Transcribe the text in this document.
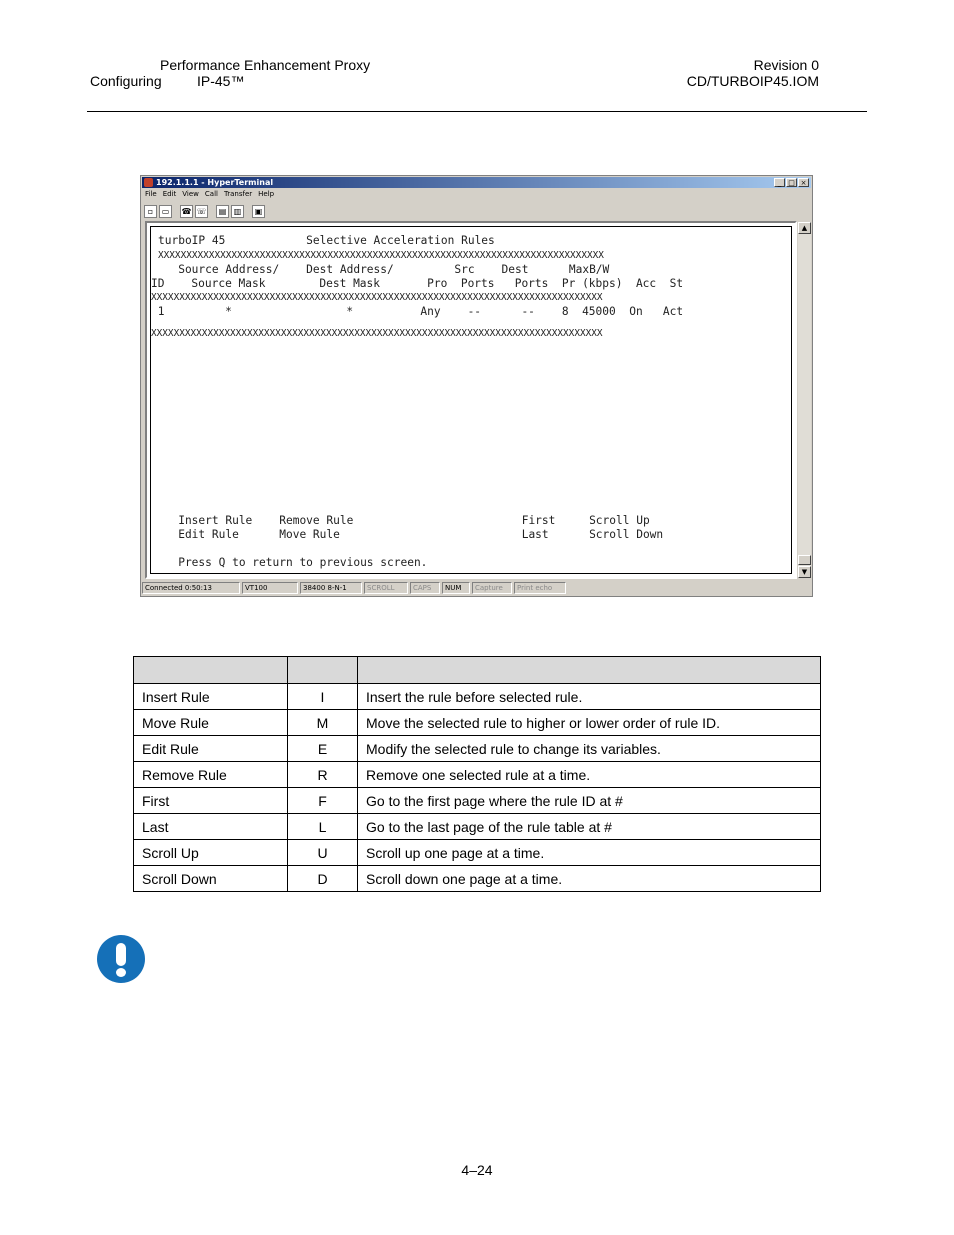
Performance Enhancement Proxy
Configuring	IP-45™
Revision 0
CD/TURBOIP45.IOM
192.1.1.1 - HyperTerminal	_ □ ×
File Edit View Call Transfer Help
▫	▭	☎ ☏	▤ ▥	▣
turboIP 45            Selective Acceleration Rules
XXXXXXXXXXXXXXXXXXXXXXXXXXXXXXXXXXXXXXXXXXXXXXXXXXXXXXXXXXXXXXXXXXXXXXXXXXXXXXX
Source Address/    Dest Address/         Src    Dest      MaxB/W
ID    Source Mask        Dest Mask       Pro  Ports   Ports  Pr (kbps)  Acc  St
XXXXXXXXXXXXXXXXXXXXXXXXXXXXXXXXXXXXXXXXXXXXXXXXXXXXXXXXXXXXXXXXXXXXXXXXXXXXXXXX
1         *                 *          Any    --      --    8  45000  On   Act
XXXXXXXXXXXXXXXXXXXXXXXXXXXXXXXXXXXXXXXXXXXXXXXXXXXXXXXXXXXXXXXXXXXXXXXXXXXXXXXX
Insert Rule    Remove Rule                         First     Scroll Up
Edit Rule      Move Rule                           Last      Scroll Down
Press Q to return to previous screen.
▲
▼
Connected 0:50:13	VT100	38400 8-N-1	SCROLL	CAPS	NUM	Capture	Print echo

Insert Rule	I	Insert the rule before selected rule.
Move Rule	M	Move the selected rule to higher or lower order of rule ID.
Edit Rule	E	Modify the selected rule to change its variables.
Remove Rule	R	Remove one selected rule at a time.
First	F	Go to the first page where the rule ID at #
Last	L	Go to the last page of the rule table at #
Scroll Up	U	Scroll up one page at a time.
Scroll Down	D	Scroll down one page at a time.
4–24
